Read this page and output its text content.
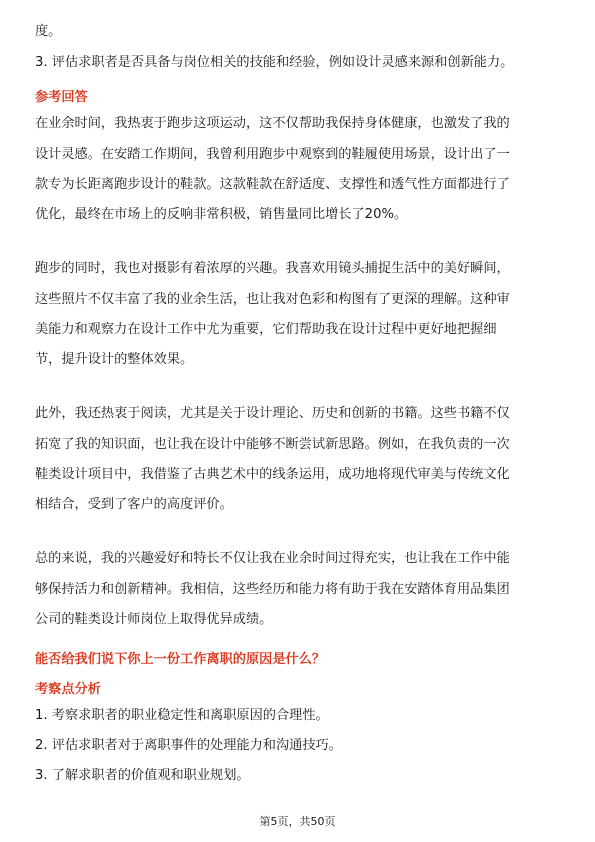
度。
3. 评估求职者是否具备与岗位相关的技能和经验，例如设计灵感来源和创新能力。
参考回答
在业余时间，我热衷于跑步这项运动，这不仅帮助我保持身体健康，也激发了我的
设计灵感。在安踏工作期间，我曾利用跑步中观察到的鞋履使用场景，设计出了一
款专为长距离跑步设计的鞋款。这款鞋款在舒适度、支撑性和透气性方面都进行了
优化，最终在市场上的反响非常积极，销售量同比增长了20%。
跑步的同时，我也对摄影有着浓厚的兴趣。我喜欢用镜头捕捉生活中的美好瞬间，
这些照片不仅丰富了我的业余生活，也让我对色彩和构图有了更深的理解。这种审
美能力和观察力在设计工作中尤为重要，它们帮助我在设计过程中更好地把握细
节，提升设计的整体效果。
此外，我还热衷于阅读，尤其是关于设计理论、历史和创新的书籍。这些书籍不仅
拓宽了我的知识面，也让我在设计中能够不断尝试新思路。例如，在我负责的一次
鞋类设计项目中，我借鉴了古典艺术中的线条运用，成功地将现代审美与传统文化
相结合，受到了客户的高度评价。
总的来说，我的兴趣爱好和特长不仅让我在业余时间过得充实，也让我在工作中能
够保持活力和创新精神。我相信，这些经历和能力将有助于我在安踏体育用品集团
公司的鞋类设计师岗位上取得优异成绩。
能否给我们说下你上一份工作离职的原因是什么？
考察点分析
1. 考察求职者的职业稳定性和离职原因的合理性。
2. 评估求职者对于离职事件的处理能力和沟通技巧。
3. 了解求职者的价值观和职业规划。
第5页，共50页
